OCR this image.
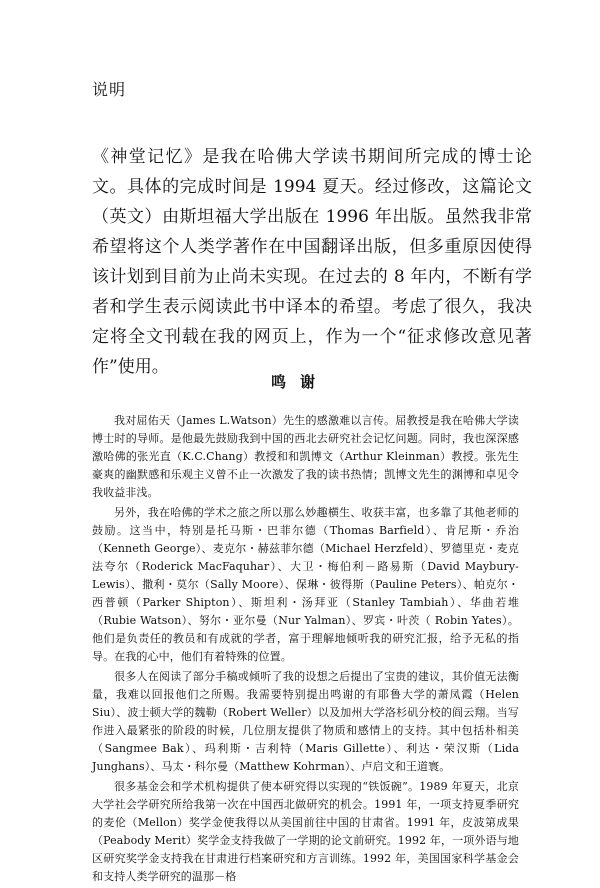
说明

《神堂记忆》是我在哈佛大学读书期间所完成的博士论文。具体的完成时间是 1994 夏天。经过修改，这篇论文（英文）由斯坦福大学出版在 1996 年出版。虽然我非常希望将这个人类学著作在中国翻译出版，但多重原因使得该计划到目前为止尚未实现。在过去的 8 年内，不断有学者和学生表示阅读此书中译本的希望。考虑了很久，我决定将全文刊载在我的网页上，作为一个“征求修改意见著作”使用。

鸣谢

我对屈佑天（James L.Watson）先生的感激难以言传。屈教授是我在哈佛大学读博士时的导师。是他最先鼓励我到中国的西北去研究社会记忆问题。同时，我也深深感激哈佛的张光直（K.C.Chang）教授和和凯博文（Arthur Kleinman）教授。张先生豪爽的幽默感和乐观主义曾不止一次激发了我的读书热情；凯博文先生的渊博和卓见令我收益非浅。

另外，我在哈佛的学术之旅之所以那么妙趣横生、收获丰富，也多靠了其他老师的鼓励。这当中，特别是托马斯・巴菲尔德（Thomas Barfield）、肯尼斯・乔治（Kenneth George）、麦克尔・赫兹菲尔德（Michael Herzfeld）、罗德里克・麦克法夸尔（Roderick MacFaquhar）、大卫・梅伯利－路易斯（David Maybury-Lewis）、撒利・莫尔（Sally Moore）、保琳・彼得斯（Pauline Peters）、帕克尔・西普顿（Parker Shipton）、斯坦利・汤拜亚（Stanley Tambiah）、华曲若堆（Rubie Watson）、努尔・亚尔曼（Nur Yalman）、罗宾・叶茨（ Robin Yates）。他们是负责任的教员和有成就的学者，富于理解地倾听我的研究汇报，给予无私的指导。在我的心中，他们有着特殊的位置。

很多人在阅读了部分手稿或倾听了我的设想之后提出了宝贵的建议，其价值无法衡量，我难以回报他们之所赐。我需要特别提出鸣谢的有耶鲁大学的萧凤霞（Helen Siu）、波士顿大学的魏勒（Robert Weller）以及加州大学洛杉矶分校的阎云翔。当写作进入最紧张的阶段的时候，几位朋友提供了物质和感情上的支持。其中包括朴相美（Sangmee Bak）、玛利斯・吉利特（Maris Gillette）、利达・荣汉斯（Lida Junghans）、马太・科尔曼（Matthew Kohrman）、卢启文和王道寰。

很多基金会和学术机构提供了使本研究得以实现的“铁饭碗”。1989 年夏天，北京大学社会学研究所给我第一次在中国西北做研究的机会。1991 年，一项支持夏季研究的麦伦（Mellon）奖学金使我得以从美国前往中国的甘肃省。1991 年，皮波第成果（Peabody Merit）奖学金支持我做了一学期的论文前研究。1992 年，一项外语与地区研究奖学金支持我在甘肃进行档案研究和方言训练。1992 年，美国国家科学基金会和支持人类学研究的温那－格
